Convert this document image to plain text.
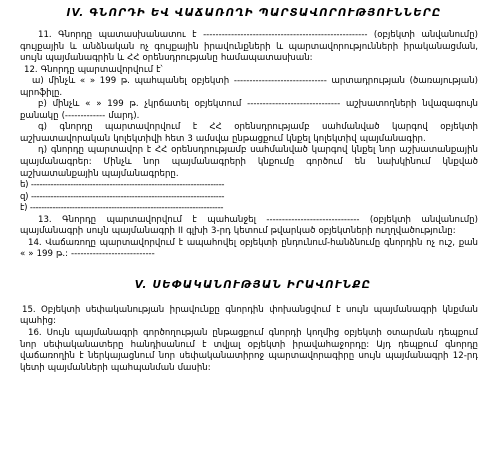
IV. ԳՆՈՐԴԻ ԵՎ ՎԱՃԱՌՈՂԻ ՊԱՐՏԱՎՈՐՈՒԹՅՈՒՆՆԵՐԸ

11. Գնորդը պատասխանատու է ----------------------------------------------------- (օբյեկտի անվանումը) գույքային և անձնական ոչ գույքային իրավունքների և պարտավորությունների իրականացման, սույն պայմանագրին և ՀՀ օրենսդրությանը համապատասխան:

12. Գնորդը պարտավորվում է՝

ա) մինչև « » 199 թ. պահպանել օբյեկտի ------------------------------ արտադրության (ծառայության) պրոֆիլը.

բ) մինչև « » 199 թ. չկրճատել օբյեկտում ------------------------------ աշխատողների նվազագույն քանակը (------------- մարդ).

գ) գնորդը պարտավորվում է ՀՀ օրենսդրությամբ սահմանված կարգով օբյեկտի աշխատավորական կոլեկտիվի հետ 3 ամսվա ընթացքում կնքել կոլեկտիվ պայմանագիր.

դ) գնորդը պարտավոր է ՀՀ օրենսդրությամբ սահմանված կարգով կնքել նոր աշխատանքային պայմանագրեր: Մինչև նոր պայմանագրերի կնքումը գործում են նախկինում կնքված աշխատանքային պայմանագրերը.

ե) ---------------------------------------------------------------------

զ) ---------------------------------------------------------------------

է) ---------------------------------------------------------------------

13. Գնորդը պարտավորվում է պահանջել ------------------------------ (օբյեկտի անվանումը) պայմանագրի սույն պայմանագրի II գլխի 3-րդ կետում թվարկած օբյեկտների ուղղվածությունը:

14. Վաճառողը պարտավորվում է ապահովել օբյեկտի ընդունում-հանձնումը գնորդին ոչ ուշ, քան « » 199 թ.: ---------------------------

V. ՍԵՓԱԿԱՆՈՒԹՅԱՆ ԻՐԱՎՈՒՆՔԸ

15. Օբյեկտի սեփականության իրավունքը գնորդին փոխանցվում է սույն պայմանագրի կնքման պահից:

16. Սույն պայմանագրի գործողության ընթացքում գնորդի կողմից օբյեկտի օտարման դեպքում նոր սեփականատերը հանդիսանում է տվյալ օբյեկտի իրավահաջորդը: Այդ դեպքում գնորդը վաճառողին է ներկայացնում նոր սեփականատիրոջ պարտավորագիրը սույն պայմանագրի 12-րդ կետի պայմանների պահպանման մասին:
